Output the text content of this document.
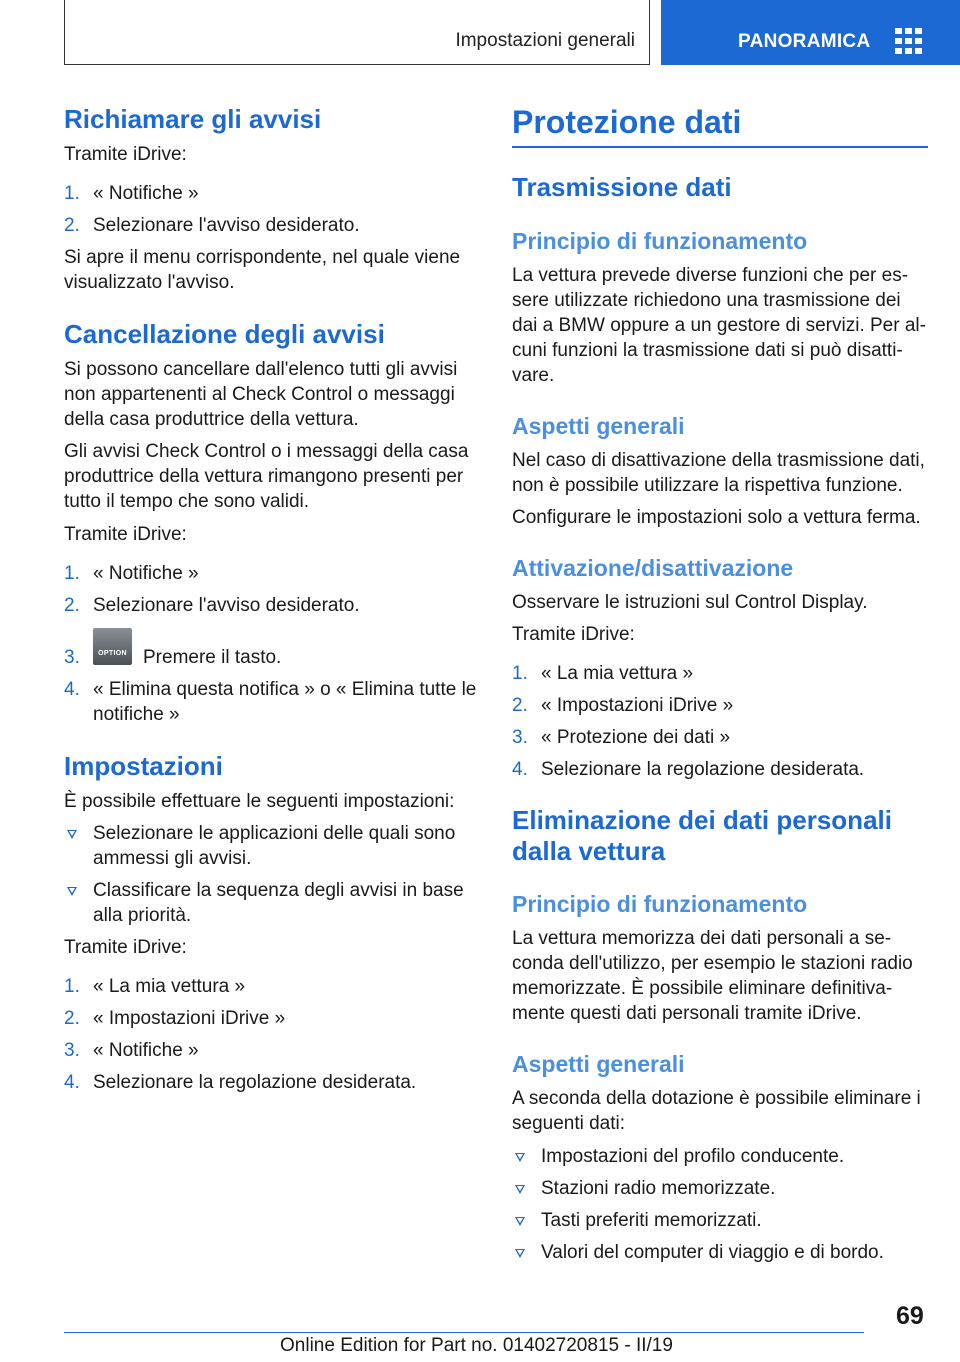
Impostazioni generali	PANORAMICA
Richiamare gli avvisi
Tramite iDrive:
1. « Notifiche »
2. Selezionare l'avviso desiderato.
Si apre il menu corrispondente, nel quale viene
visualizzato l'avviso.
Cancellazione degli avvisi
Si possono cancellare dall'elenco tutti gli avvisi
non appartenenti al Check Control o messaggi
della casa produttrice della vettura.
Gli avvisi Check Control o i messaggi della casa
produttrice della vettura rimangono presenti per
tutto il tempo che sono validi.
Tramite iDrive:
1. « Notifiche »
2. Selezionare l'avviso desiderato.
3.	OPTION Premere il tasto.
4. « Elimina questa notifica » o « Elimina tutte le
notifiche »
Impostazioni
È possibile effettuare le seguenti impostazioni:
Selezionare le applicazioni delle quali sono
ammessi gli avvisi.
Classificare la sequenza degli avvisi in base
alla priorità.
Tramite iDrive:
1. « La mia vettura »
2. « Impostazioni iDrive »
3. « Notifiche »
4. Selezionare la regolazione desiderata.
Protezione dati
Trasmissione dati
Principio di funzionamento
La vettura prevede diverse funzioni che per es-
sere utilizzate richiedono una trasmissione dei
dai a BMW oppure a un gestore di servizi. Per al-
cuni funzioni la trasmissione dati si può disatti-
vare.
Aspetti generali
Nel caso di disattivazione della trasmissione dati,
non è possibile utilizzare la rispettiva funzione.
Configurare le impostazioni solo a vettura ferma.
Attivazione/disattivazione
Osservare le istruzioni sul Control Display.
Tramite iDrive:
1. « La mia vettura »
2. « Impostazioni iDrive »
3. « Protezione dei dati »
4. Selezionare la regolazione desiderata.
Eliminazione dei dati personali dalla vettura
Principio di funzionamento
La vettura memorizza dei dati personali a se-
conda dell'utilizzo, per esempio le stazioni radio
memorizzate. È possibile eliminare definitiva-
mente questi dati personali tramite iDrive.
Aspetti generali
A seconda della dotazione è possibile eliminare i
seguenti dati:
Impostazioni del profilo conducente.
Stazioni radio memorizzate.
Tasti preferiti memorizzati.
Valori del computer di viaggio e di bordo.
69
Online Edition for Part no. 01402720815 - II/19
